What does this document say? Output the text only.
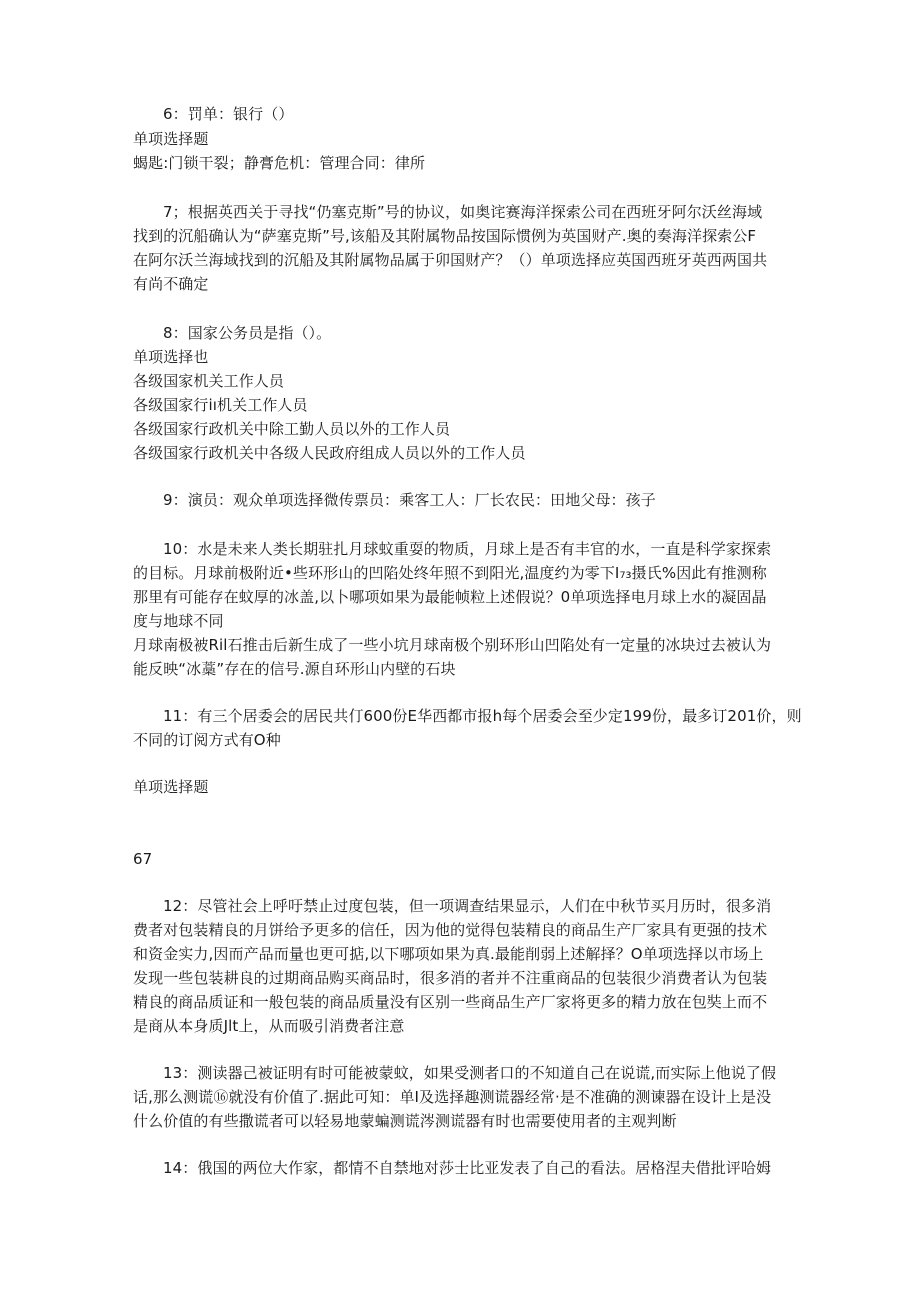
6：罚单：银行（）
单项选择题
蝎匙:门锁干裂；静膏危机：管理合同：律所
7；根据英西关于寻找“仍塞克斯”号的协议，如奥诧赛海洋探索公司在西班牙阿尔沃丝海域
找到的沉船确认为“萨塞克斯”号,该船及其附属物品按国际惯例为英国财产.奥的奏海洋探索公F
在阿尔沃兰海域找到的沉船及其附属物品属于卯国财产？（）单项选择应英国西班牙英西两国共
有尚不确定
8：国家公务员是指（）。
单项选择也
各级国家机关工作人员
各级国家行iı机关工作人员
各级国家行政机关中除工勤人员以外的工作人员
各级国家行政机关中各级人民政府组成人员以外的工作人员
9：演员：观众单项选择微传票员：乘客工人：厂长农民：田地父母：孩子
10：水是未来人类长期驻扎月球蚊重耍的物质，月球上是否有丰官的水，一直是科学家探索
的目标。月球前极附近•些环形山的凹陷处终年照不到阳光,温度约为零下I₇₃摄氏%因此有推测称
那里有可能存在蚊厚的冰盖,以卜哪项如果为最能帧粒上述假说？0单项选择电月球上水的凝固晶
度与地球不同
月球南极被Ril石推击后新生成了一些小坑月球南极个别环形山凹陷处有一定量的冰块过去被认为
能反映“冰藁”存在的信号.源自环形山内壁的石块
11：有三个居委会的居民共仃600份E华西都市报h每个居委会至少定199份，最多订201价，则
不同的订阅方式有O种
单项选择题
67
12：尽管社会上呼吁禁止过度包装，但一项调查结果显示，人们在中秋节买月历时，很多消
费者对包装精良的月饼给予更多的信任，因为他的觉得包装精良的商品生产厂家具有更强的技术
和资金实力,因而产品而量也更可掂,以下哪项如果为真.最能削弱上述解择？O单项选择以市场上
发现一些包装耕良的过期商品购买商品时，很多消的者并不注重商品的包装很少消费者认为包装
精良的商品质证和一般包装的商品质量没有区别一些商品生产厂家将更多的精力放在包奘上而不
是商从本身质Jlt上，从而吸引消费者注意
13：测读器己被证明有时可能被蒙蚊，如果受测者口的不知道自己在说谎,而实际上他说了假
话,那么测谎⑯就没有价值了.据此可知：单I及选择趣测谎器经常·是不准确的测谏器在设计上是没
什么价值的有些撒谎者可以轻易地蒙蝙测谎涔测谎器有时也需要使用者的主观判断
14：俄国的两位大作家，都情不自禁地对莎士比亚发表了自己的看法。居格涅夫借批评哈姆
